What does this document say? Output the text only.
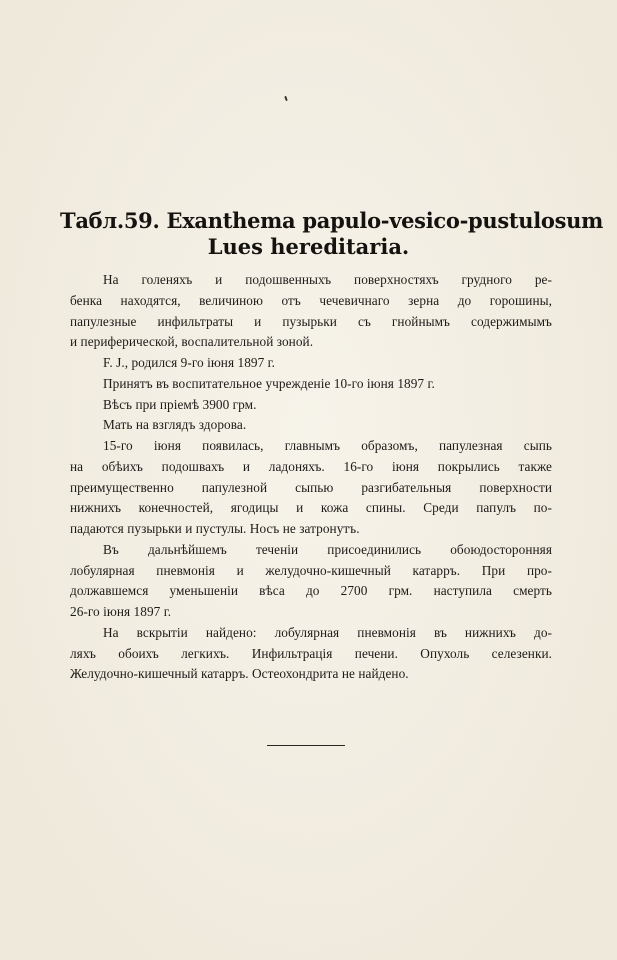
Табл.59. Exanthema papulo-vesico-pustulosum
Lues hereditaria.
На голеняхъ и подошвенныхъ поверхностяхъ грудного ре-
бенка находятся, величиною отъ чечевичнаго зерна до горошины,
папулезные инфильтраты и пузырьки съ гнойнымъ содержимымъ
и периферической, воспалительной зоной.
F. J., родился 9-го iюня 1897 г.
Принятъ въ воспитательное учрежденiе 10-го iюня 1897 г.
Вѣсъ при прiемѣ 3900 грм.
Мать на взглядъ здорова.
15-го iюня появилась, главнымъ образомъ, папулезная сыпь
на обѣихъ подошвахъ и ладоняхъ. 16-го iюня покрылись также
преимущественно папулезной сыпью разгибательныя поверхности
нижнихъ конечностей, ягодицы и кожа спины. Среди папулъ по-
падаются пузырьки и пустулы. Носъ не затронутъ.
Въ дальнѣйшемъ теченiи присоединились обоюдосторонняя
лобулярная пневмонiя и желудочно-кишечный катарръ. При про-
должавшемся уменьшенiи вѣса до 2700 грм. наступила смерть
26-го iюня 1897 г.
На вскрытiи найдено: лобулярная пневмонiя въ нижнихъ до-
ляхъ обоихъ легкихъ. Инфильтрацiя печени. Опухоль селезенки.
Желудочно-кишечный катарръ. Остеохондрита не найдено.
